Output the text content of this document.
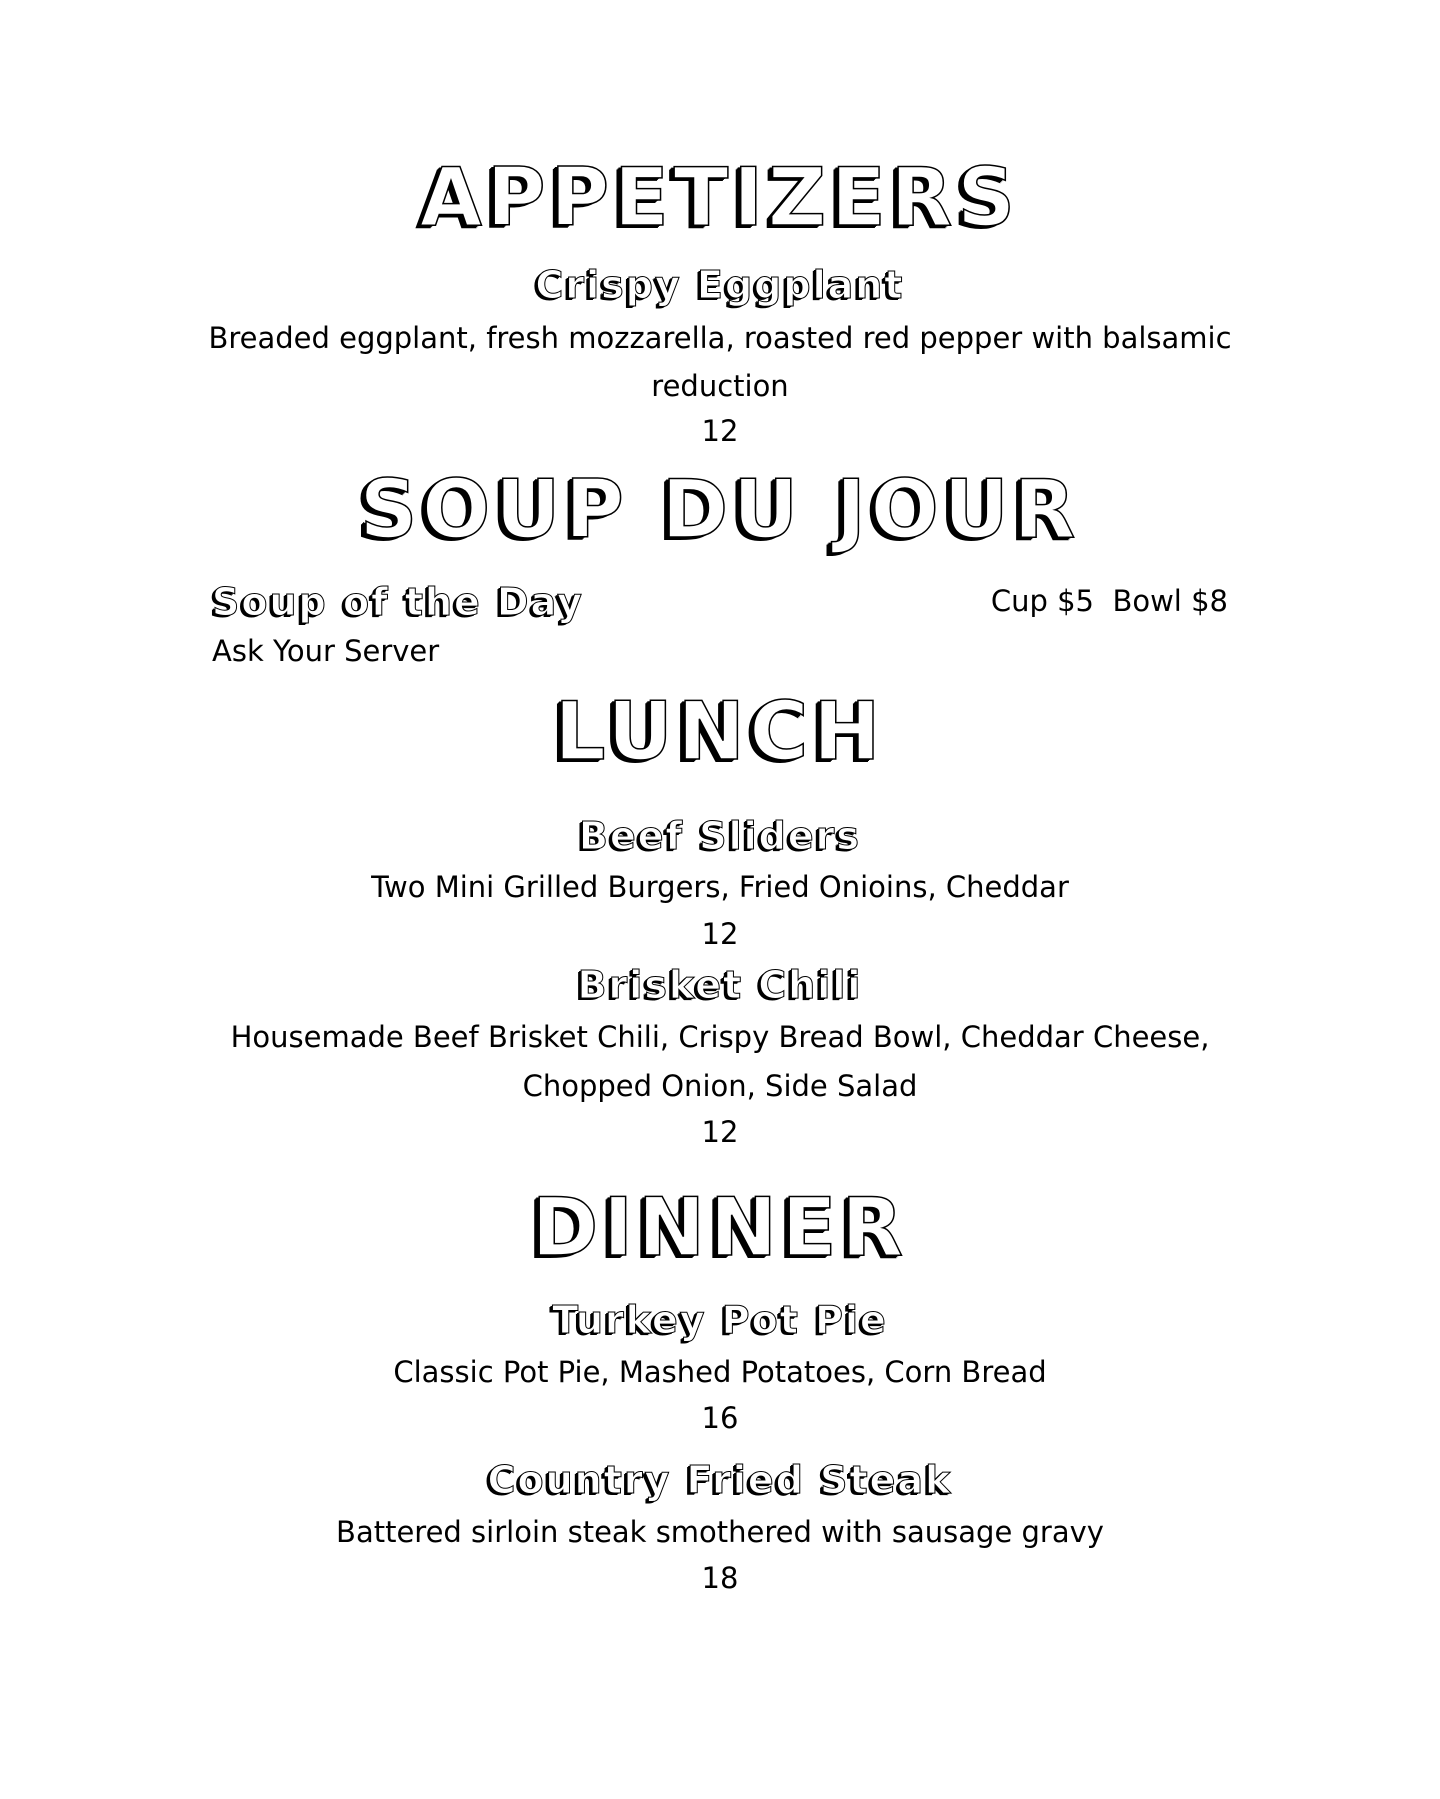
APPETIZERS
Crispy Eggplant
Breaded eggplant, fresh mozzarella, roasted red pepper with balsamic
reduction
12
SOUP DU JOUR
Soup of the Day	Cup $5 Bowl $8
Ask Your Server
LUNCH
Beef Sliders
Two Mini Grilled Burgers, Fried Onioins, Cheddar
12
Brisket Chili
Housemade Beef Brisket Chili, Crispy Bread Bowl, Cheddar Cheese,
Chopped Onion, Side Salad
12
DINNER
Turkey Pot Pie
Classic Pot Pie, Mashed Potatoes, Corn Bread
16
Country Fried Steak
Battered sirloin steak smothered with sausage gravy
18
